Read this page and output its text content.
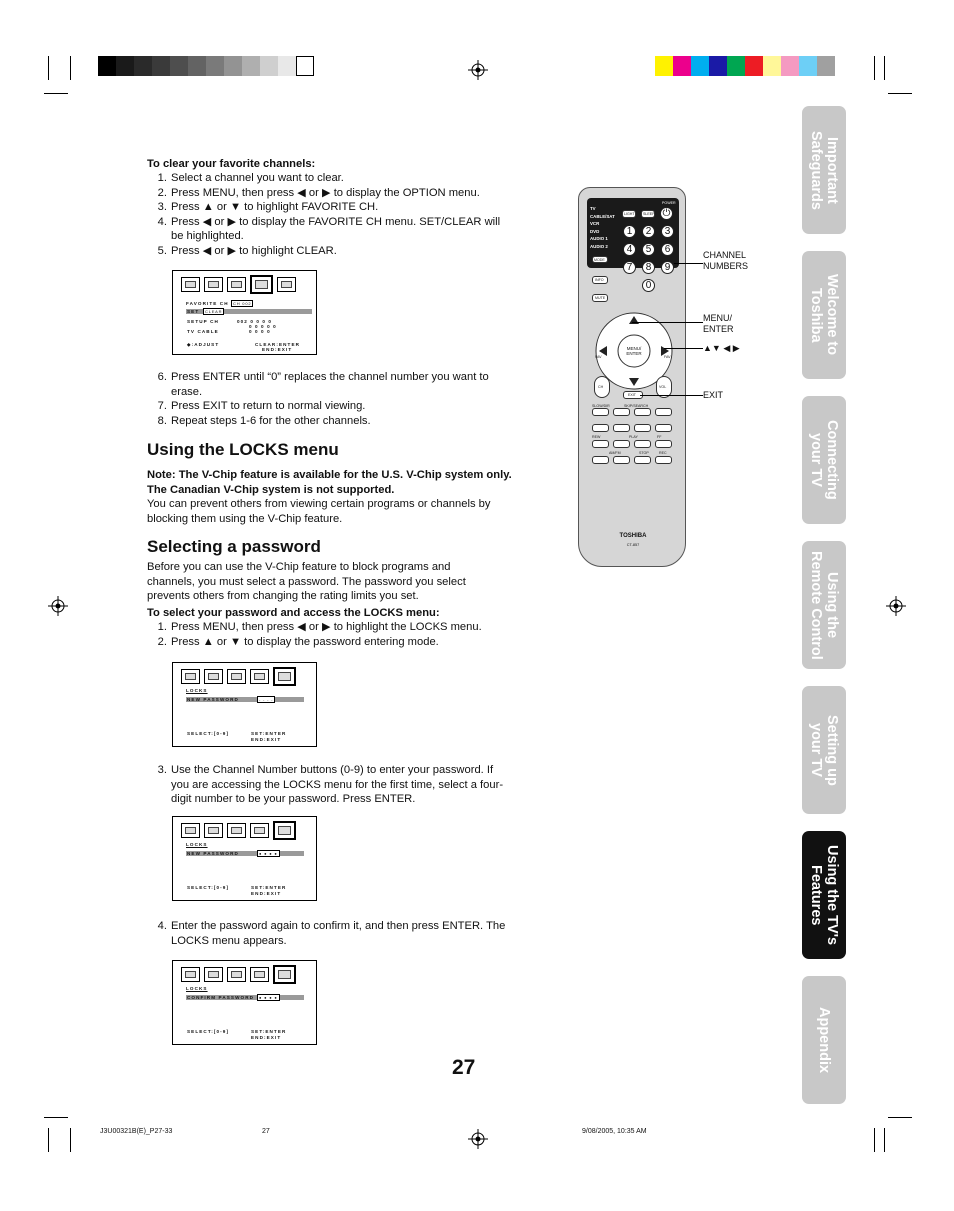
To clear your favorite channels:
1. Select a channel you want to clear.
2. Press MENU, then press ◀ or ▶ to display the OPTION menu.
3. Press ▲ or ▼ to highlight FAVORITE CH.
4. Press ◀ or ▶ to display the FAVORITE CH menu. SET/CLEAR will be highlighted.
5. Press ◀ or ▶ to highlight CLEAR.
FAVORITE CH	CH 002
SET	CLEAR
SETUP CH	002 0 0 0 0
0 0 0 0 0
TV CABLE	0 0 0 0
◆:ADJUST	CLEAR:ENTER
END:EXIT
6. Press ENTER until “0” replaces the channel number you want to erase.
7. Press EXIT to return to normal viewing.
8. Repeat steps 1-6 for the other channels.
Using the LOCKS menu
Note: The V-Chip feature is available for the U.S. V-Chip system only. The Canadian V-Chip system is not supported.
You can prevent others from viewing certain programs or channels by blocking them using the V-Chip feature.
Selecting a password
Before you can use the V-Chip feature to block programs and channels, you must select a password. The password you select prevents others from changing the rating limits you set.
To select your password and access the LOCKS menu:
1. Press MENU, then press ◀ or ▶ to highlight the LOCKS menu.
2. Press ▲ or ▼ to display the password entering mode.
LOCKS
NEW PASSWORD	- - - -
SELECT:[0-9]	SET:ENTER
END:EXIT
3. Use the Channel Number buttons (0-9) to enter your password. If you are accessing the LOCKS menu for the first time, select a four-digit number to be your password. Press ENTER.
LOCKS
NEW PASSWORD	● ● ● ●
SELECT:[0-9]	SET:ENTER
END:EXIT
4. Enter the password again to confirm it, and then press ENTER. The LOCKS menu appears.
LOCKS
CONFIRM PASSWORD	● ● ● ●
SELECT:[0-9]	SET:ENTER
END:EXIT
27
TV
CABLE/SAT
VCR
DVD
AUDIO 1
AUDIO 2
⏻
POWER
LIGHT SLEEP
1	2	3
4	5	6
7	8	9
0
MODE
INFO
MUTE
MENU/ ENTER
FAV	FAV
CH	VOL
EXIT
SLOW/DIR	SKIP/SEARCH
REW	PLAY	FF
AM/FM	STOP	REC
TOSHIBA
CT-857
CHANNEL NUMBERS
MENU/ ENTER
▲▼ ◀ ▶
EXIT
Important
Safeguards
Welcome to
Toshiba
Connecting
your TV
Using the
Remote Control
Setting up
your TV
Using the TV's
Features
Appendix
J3U00321B(E)_P27-33	27	9/08/2005, 10:35 AM
